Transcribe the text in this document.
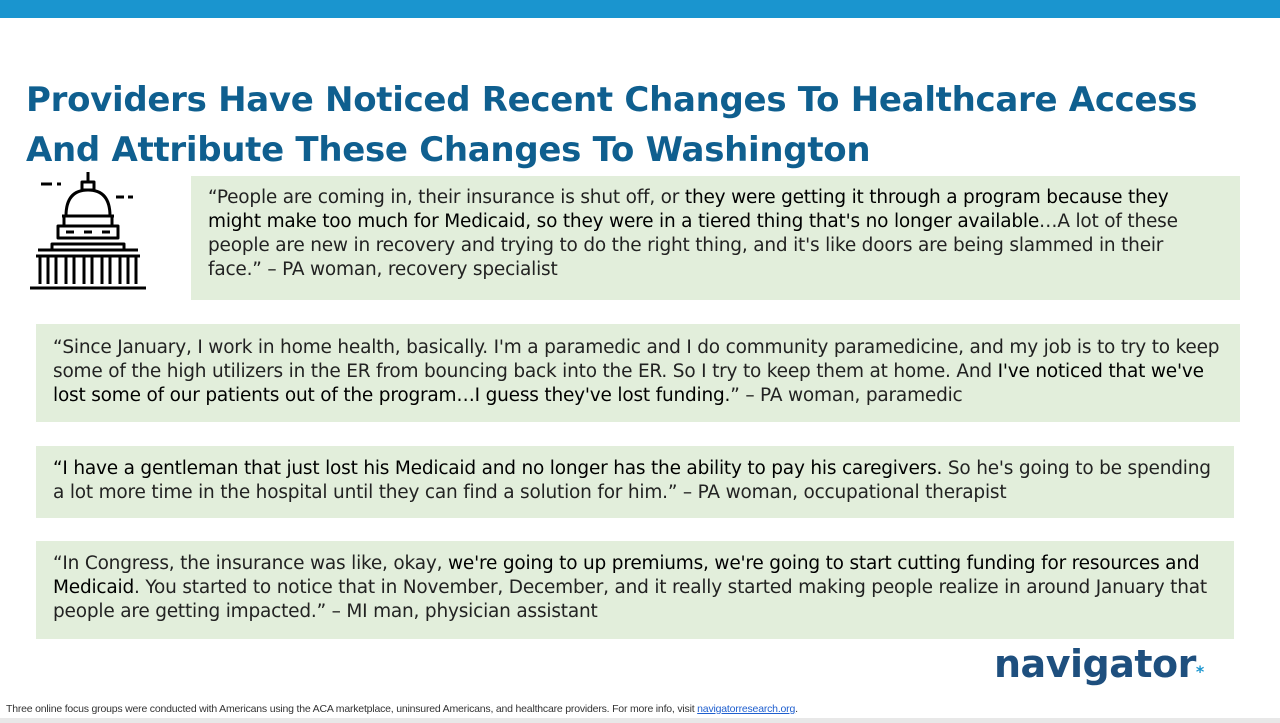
Providers Have Noticed Recent Changes To Healthcare Access
And Attribute These Changes To Washington
“People are coming in, their insurance is shut off, or they were getting it through a program because they might make too much for Medicaid, so they were in a tiered thing that's no longer available…A lot of these people are new in recovery and trying to do the right thing, and it's like doors are being slammed in their face.” – PA woman, recovery specialist
“Since January, I work in home health, basically. I'm a paramedic and I do community paramedicine, and my job is to try to keep some of the high utilizers in the ER from bouncing back into the ER. So I try to keep them at home. And I've noticed that we've lost some of our patients out of the program…I guess they've lost funding.” – PA woman, paramedic
“I have a gentleman that just lost his Medicaid and no longer has the ability to pay his caregivers. So he's going to be spending a lot more time in the hospital until they can find a solution for him.” – PA woman, occupational therapist
“In Congress, the insurance was like, okay, we're going to up premiums, we're going to start cutting funding for resources and Medicaid. You started to notice that in November, December, and it really started making people realize in around January that people are getting impacted.” – MI man, physician assistant
navigator*
Three online focus groups were conducted with Americans using the ACA marketplace, uninsured Americans, and healthcare providers. For more info, visit navigatorresearch.org.
